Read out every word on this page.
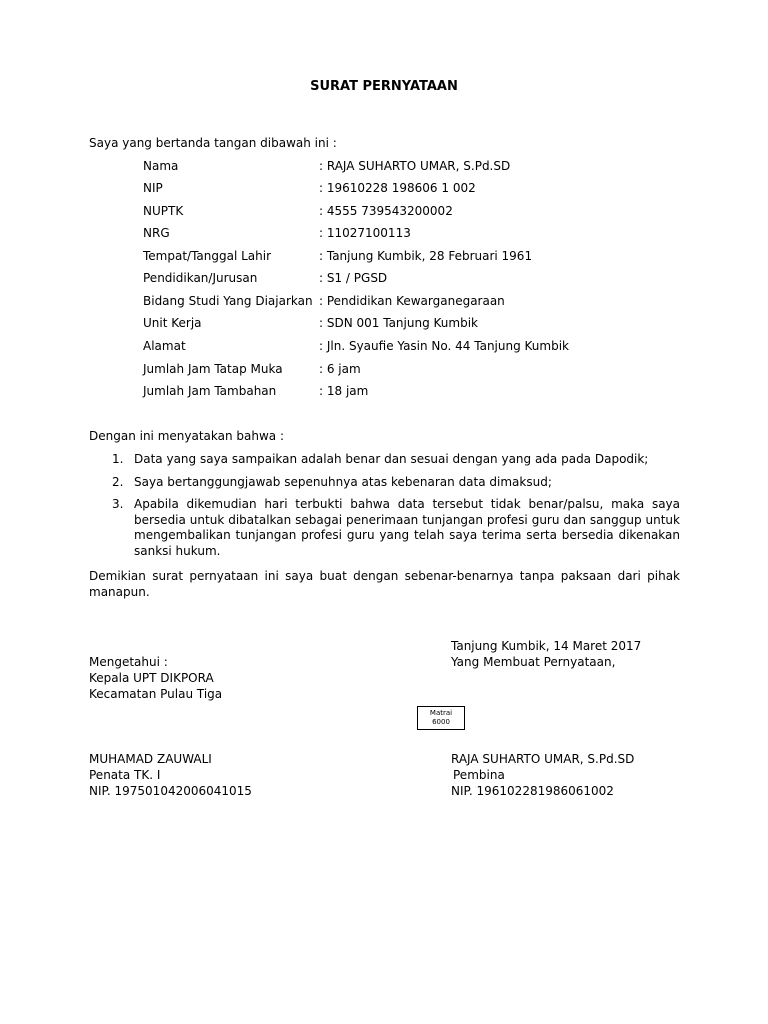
SURAT PERNYATAAN
Saya yang bertanda tangan dibawah ini :
Nama	: RAJA SUHARTO UMAR, S.Pd.SD
NIP	: 19610228 198606 1 002
NUPTK	: 4555 739543200002
NRG	: 11027100113
Tempat/Tanggal Lahir	: Tanjung Kumbik, 28 Februari 1961
Pendidikan/Jurusan	: S1 / PGSD
Bidang Studi Yang Diajarkan : Pendidikan Kewarganegaraan
Unit Kerja	: SDN 001 Tanjung Kumbik
Alamat	: Jln. Syaufie Yasin No. 44 Tanjung Kumbik
Jumlah Jam Tatap Muka	: 6 jam
Jumlah Jam Tambahan	: 18 jam
Dengan ini menyatakan bahwa :
1. Data yang saya sampaikan adalah benar dan sesuai dengan yang ada pada Dapodik;
2. Saya bertanggungjawab sepenuhnya atas kebenaran data dimaksud;
3. Apabila dikemudian hari terbukti bahwa data tersebut tidak benar/palsu, maka saya bersedia untuk dibatalkan sebagai penerimaan tunjangan profesi guru dan sanggup untuk mengembalikan tunjangan profesi guru yang telah saya terima serta bersedia dikenakan sanksi hukum.
Demikian surat pernyataan ini saya buat dengan sebenar-benarnya tanpa paksaan dari pihak manapun.
Tanjung Kumbik, 14 Maret 2017
Mengetahui :	Yang Membuat Pernyataan,
Kepala UPT DIKPORA
Kecamatan Pulau Tiga
Matrai
6000
MUHAMAD ZAUWALI	RAJA SUHARTO UMAR, S.Pd.SD
Penata TK. I	Pembina
NIP. 197501042006041015	NIP. 196102281986061002
